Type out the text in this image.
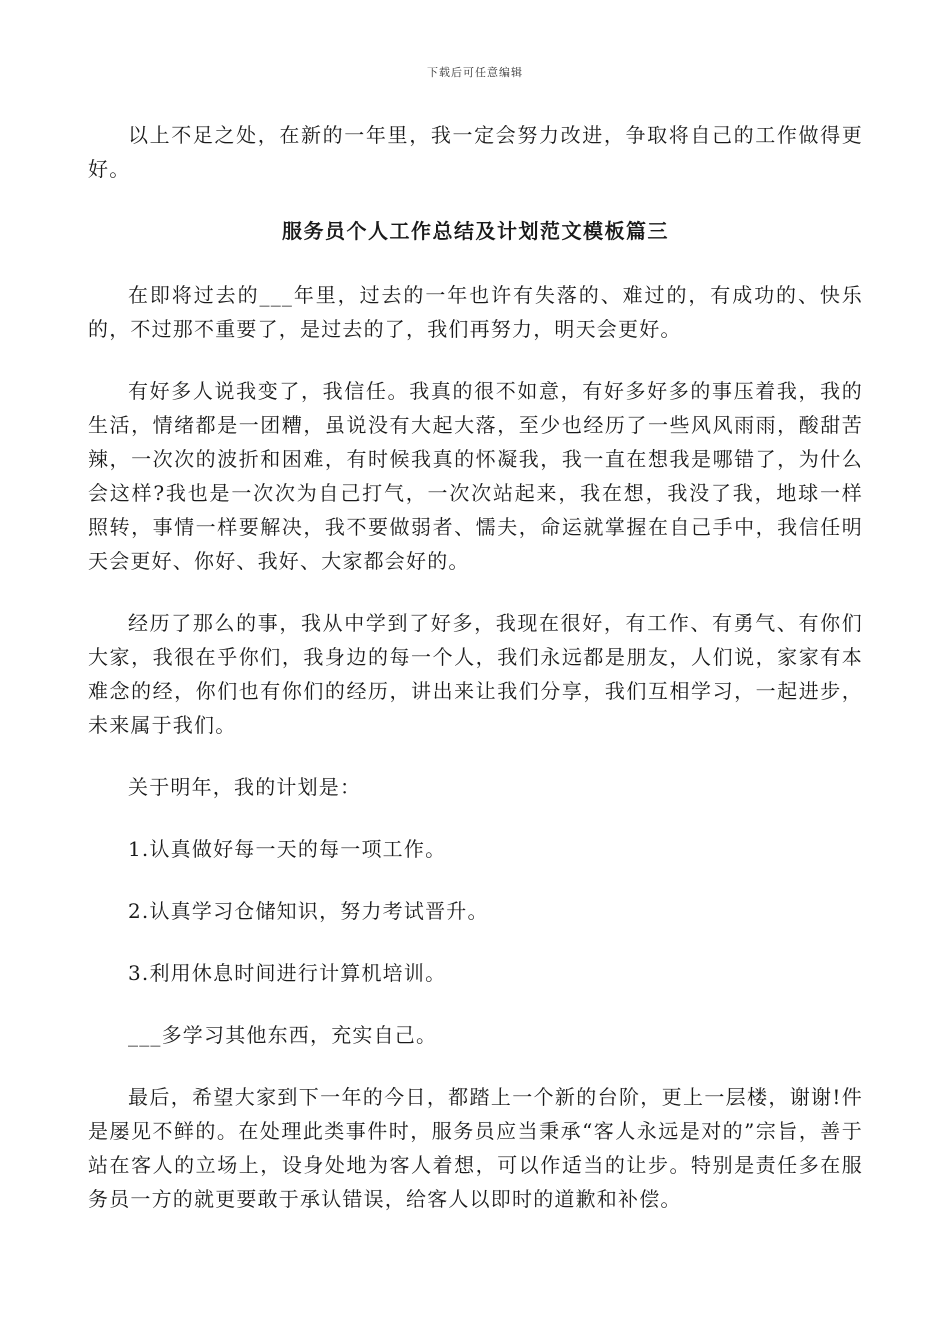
下载后可任意编辑

以上不足之处，在新的一年里，我一定会努力改进，争取将自己的工作做得更好。

服务员个人工作总结及计划范文模板篇三

在即将过去的___年里，过去的一年也许有失落的、难过的，有成功的、快乐的，不过那不重要了，是过去的了，我们再努力，明天会更好。

有好多人说我变了，我信任。我真的很不如意，有好多好多的事压着我，我的生活，情绪都是一团糟，虽说没有大起大落，至少也经历了一些风风雨雨，酸甜苦辣，一次次的波折和困难，有时候我真的怀凝我，我一直在想我是哪错了，为什么会这样?我也是一次次为自己打气，一次次站起来，我在想，我没了我，地球一样照转，事情一样要解决，我不要做弱者、懦夫，命运就掌握在自己手中，我信任明天会更好、你好、我好、大家都会好的。

经历了那么的事，我从中学到了好多，我现在很好，有工作、有勇气、有你们大家，我很在乎你们，我身边的每一个人，我们永远都是朋友，人们说，家家有本难念的经，你们也有你们的经历，讲出来让我们分享，我们互相学习，一起进步，未来属于我们。

关于明年，我的计划是：

1.认真做好每一天的每一项工作。

2.认真学习仓储知识，努力考试晋升。

3.利用休息时间进行计算机培训。

___多学习其他东西，充实自己。

最后，希望大家到下一年的今日，都踏上一个新的台阶，更上一层楼，谢谢!件是屡见不鲜的。在处理此类事件时，服务员应当秉承“客人永远是对的”宗旨，善于站在客人的立场上，设身处地为客人着想，可以作适当的让步。特别是责任多在服务员一方的就更要敢于承认错误，给客人以即时的道歉和补偿。
